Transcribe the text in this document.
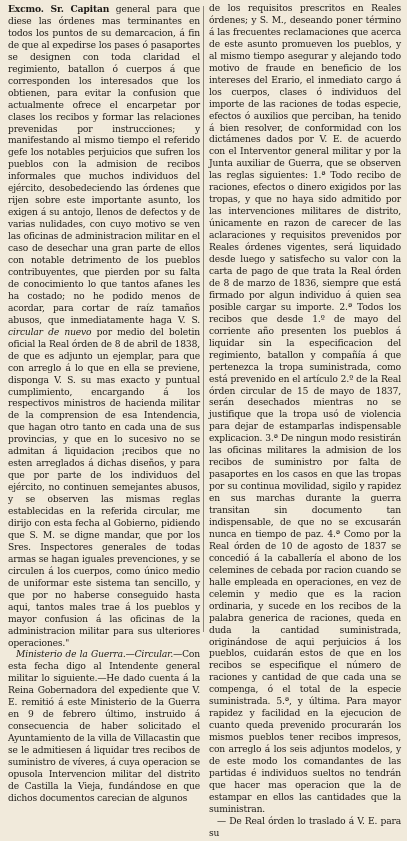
Excmo. Sr. Capitan general para que diese las órdenes mas terminantes en todos los puntos de su demarcacion, á fin de que al expedirse los pases ó pasaportes se designen con toda claridad el regimiento, batallon ó cuerpos á que corresponden los interesados que los obtienen, para evitar la confusion que actualmente ofrece el encarpetar por clases los recibos y formar las relaciones prevenidas por instrucciones; y manifestando al mismo tiempo el referido gefe los notables perjuicios que sufren los pueblos con la admision de recibos informales que muchos individuos del ejército, desobedeciendo las órdenes que rijen sobre este importante asunto, los exigen á su antojo, llenos de defectos y de varias nulidades, con cuyo motivo se ven las oficinas de administracion militar en el caso de desechar una gran parte de ellos con notable detrimento de los pueblos contribuyentes, que pierden por su falta de conocimiento lo que tantos afanes les ha costado; no he podido menos de acordar, para cortar de raíz tamaños abusos, que inmediatamente haga V. S. circular de nuevo por medio del boletin oficial la Real órden de 8 de abril de 1838, de que es adjunto un ejemplar, para que con arreglo á lo que en ella se previene, disponga V. S. su mas exacto y puntual cumplimiento, encargando á los respectivos ministros de hacienda militar de la comprension de esa Intendencia, que hagan otro tanto en cada una de sus provincias, y que en lo sucesivo no se admitan á liquidacion ¡recibos que no esten arreglados á dichas diseños, y para que por parte de los individuos del ejército, no continuen semejantes abusos, y se observen las mismas reglas establecidas en la referida circular, me dirijo con esta fecha al Gobierno, pidiendo que S. M. se digne mandar, que por los Sres. Inspectores generales de todas armas se hagan iguales prevenciones, y se circulen á los cuerpos, como único medio de uniformar este sistema tan sencillo, y que por no haberse conseguido hasta aqui, tantos males trae á los pueblos y mayor confusion á las oficinas de la administracion militar para sus ulteriores operaciones."

Ministerio de la Guerra.—Circular.—Con esta fecha digo al Intendente general militar lo siguiente.—He dado cuenta á la Reina Gobernadora del expediente que V. E. remitió á este Ministerio de la Guerra en 9 de febrero último, instruido á consecuencia de haber solicitado el Ayuntamiento de la villa de Villacastin que se le admitiesen á liquidar tres recibos de suministro de víveres, á cuya operacion se opusola Intervencion militar del distrito de Castilla la Vieja, fundándose en que dichos documentos carecian de algunos

de los requisitos prescritos en Reales órdenes; y S. M., deseando poner término á las frecuentes reclamaciones que acerca de este asunto promueven los pueblos, y al mismo tiempo asegurar y alejando todo motivo de fraude en beneficio de los intereses del Erario, el inmediato cargo á los cuerpos, clases ó individuos del importe de las raciones de todas especie, efectos ó auxilios que perciban, ha tenido á bien resolver, de conformidad con los dictámenes dados por V. E. de acuerdo con el Interventor general militar y por la Junta auxiliar de Guerra, que se observen las reglas siguientes: 1.ª Todo recibo de raciones, efectos o dinero exigidos por las tropas, y que no haya sido admitido por las intervenciones militares de distrito, únicamente en razon de carecer de las aclaraciones y requisitos prevenidos por Reales órdenes vigentes, será liquidado desde luego y satisfecho su valor con la carta de pago de que trata la Real órden de 8 de marzo de 1836, siempre que está firmado por algun individuo á quien sea posible cargar su importe. 2.ª Todos los recibos que desde 1.º de mayo del corriente año presenten los pueblos á liquidar sin la especificacion del regimiento, batallon y compañía á que pertenezca la tropa suministrada, como está prevenido en el artículo 2.º de la Real órden circular de 15 de mayo de 1837, serán desechados mientras no se justifique que la tropa usó de violencia para dejar de estamparlas indispensable explicacion. 3.ª De ningun modo resistirán las oficinas militares la admision de los recibos de suministro por falta de pasaportes en los casos en que las tropas por su continua movilidad, sigilo y rapidez en sus marchas durante la guerra transitan sin documento tan indispensable, de que no se excusarán nunca en tiempo de paz. 4.ª Como por la Real órden de 10 de agosto de 1837 se concedió á la caballería el abono de los celemines de cebada por racion cuando se halle empleada en operaciones, en vez de celemin y medio que es la racion ordinaria, y sucede en los recibos de la palabra generica de raciones, queda en duda la cantidad suministrada, originándose de aqui perjuicios á los pueblos, cuidarán estos de que en los recibos se especifique el número de raciones y cantidad de que cada una se compenga, ó el total de la especie suministrada. 5.ª, y última. Para mayor rapidez y facilidad en la ejecucion de cuanto queda prevenido procurarán los mismos pueblos tener recibos impresos, con arreglo á los seis adjuntos modelos, y de este modo los comandantes de las partidas é individuos sueltos no tendrán que hacer mas operacion que la de estampar en ellos las cantidades que la suministran.

— De Real órden lo traslado á V. E. para su
